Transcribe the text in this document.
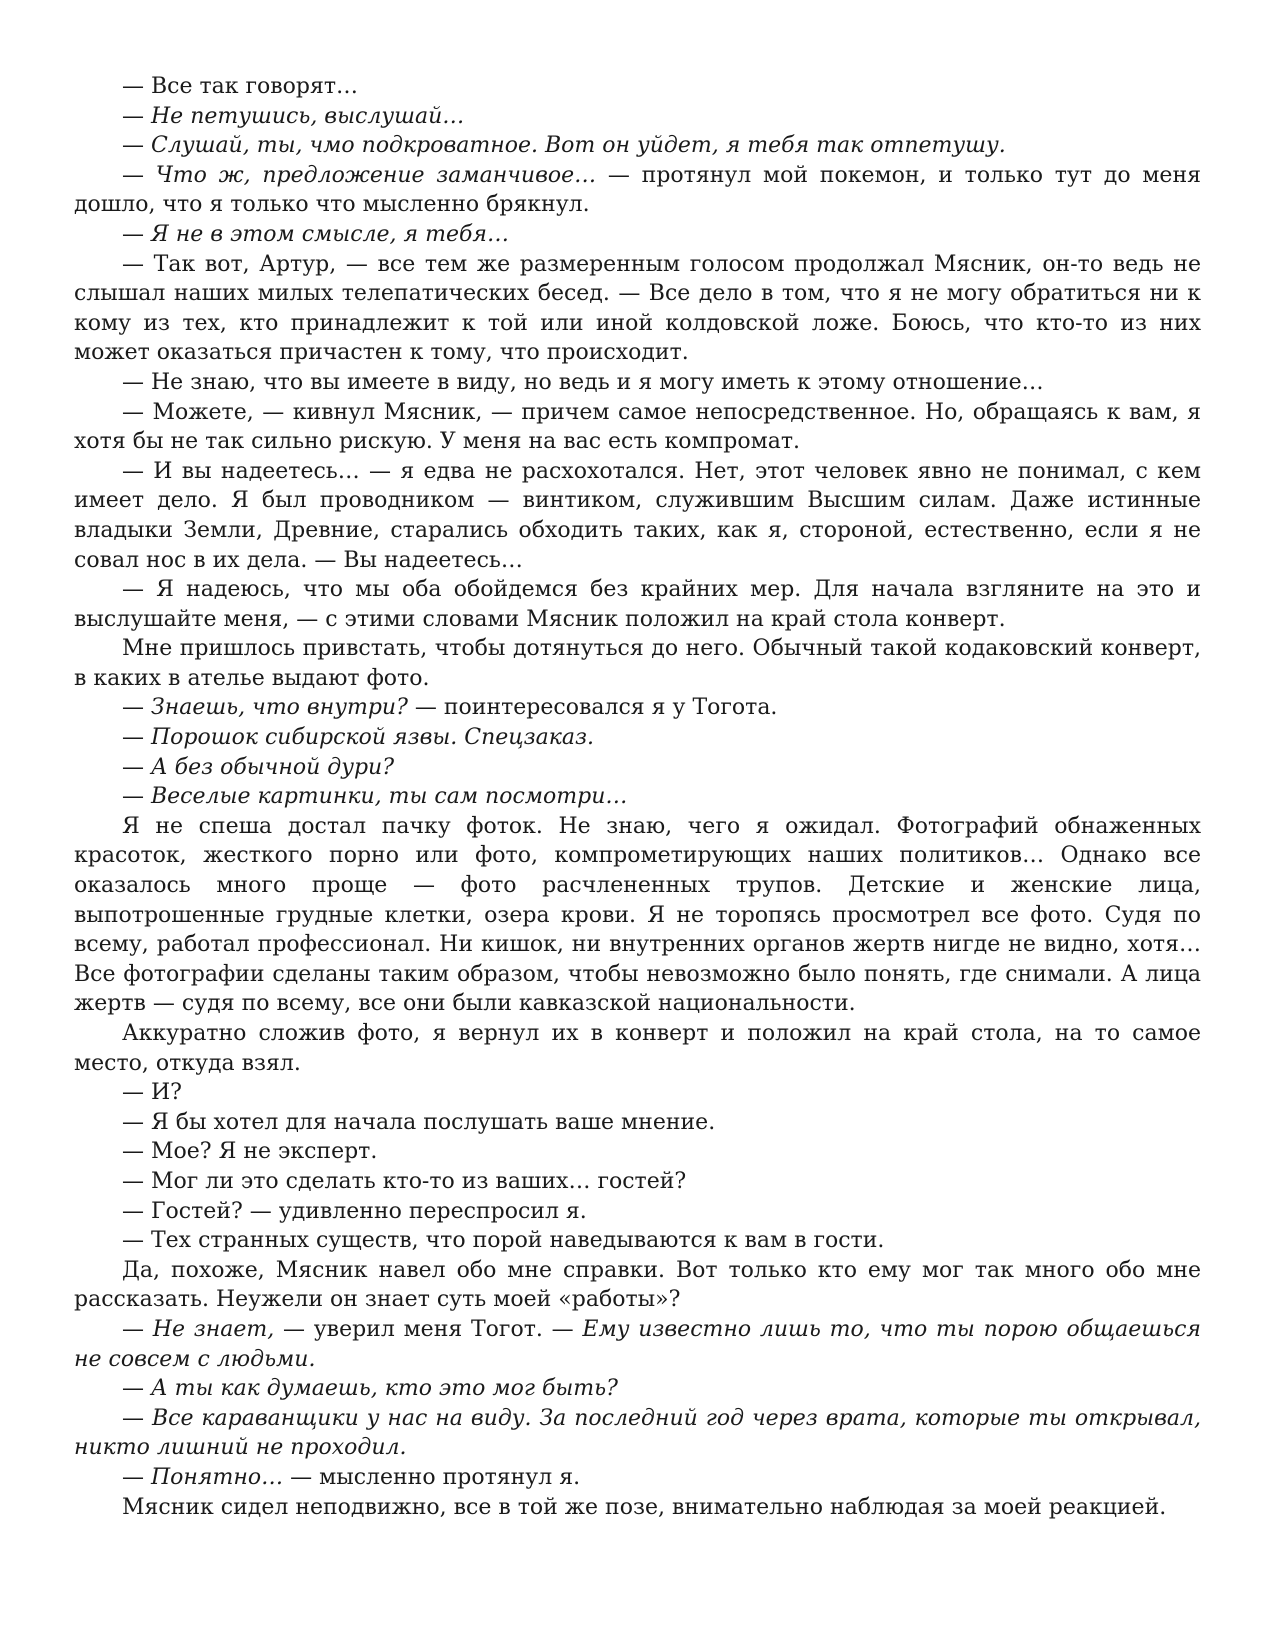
— Все так говорят…

— Не петушись, выслушай…

— Слушай, ты, чмо подкроватное. Вот он уйдет, я тебя так отпетушу.

— Что ж, предложение заманчивое… — протянул мой покемон, и только тут до меня дошло, что я только что мысленно брякнул.

— Я не в этом смысле, я тебя…

— Так вот, Артур, — все тем же размеренным голосом продолжал Мясник, он-то ведь не слышал наших милых телепатических бесед. — Все дело в том, что я не могу обратиться ни к кому из тех, кто принадлежит к той или иной колдовской ложе. Боюсь, что кто-то из них может оказаться причастен к тому, что происходит.

— Не знаю, что вы имеете в виду, но ведь и я могу иметь к этому отношение…

— Можете, — кивнул Мясник, — причем самое непосредственное. Но, обращаясь к вам, я хотя бы не так сильно рискую. У меня на вас есть компромат.

— И вы надеетесь… — я едва не расхохотался. Нет, этот человек явно не понимал, с кем имеет дело. Я был проводником — винтиком, служившим Высшим силам. Даже истинные владыки Земли, Древние, старались обходить таких, как я, стороной, естественно, если я не совал нос в их дела. — Вы надеетесь…

— Я надеюсь, что мы оба обойдемся без крайних мер. Для начала взгляните на это и выслушайте меня, — с этими словами Мясник положил на край стола конверт.

Мне пришлось привстать, чтобы дотянуться до него. Обычный такой кодаковский конверт, в каких в ателье выдают фото.

— Знаешь, что внутри? — поинтересовался я у Тогота.

— Порошок сибирской язвы. Спецзаказ.

— А без обычной дури?

— Веселые картинки, ты сам посмотри…

Я не спеша достал пачку фоток. Не знаю, чего я ожидал. Фотографий обнаженных красоток, жесткого порно или фото, компрометирующих наших политиков… Однако все оказалось много проще — фото расчлененных трупов. Детские и женские лица, выпотрошенные грудные клетки, озера крови. Я не торопясь просмотрел все фото. Судя по всему, работал профессионал. Ни кишок, ни внутренних органов жертв нигде не видно, хотя… Все фотографии сделаны таким образом, чтобы невозможно было понять, где снимали. А лица жертв — судя по всему, все они были кавказской национальности.

Аккуратно сложив фото, я вернул их в конверт и положил на край стола, на то самое место, откуда взял.

— И?

— Я бы хотел для начала послушать ваше мнение.

— Мое? Я не эксперт.

— Мог ли это сделать кто-то из ваших… гостей?

— Гостей? — удивленно переспросил я.

— Тех странных существ, что порой наведываются к вам в гости.

Да, похоже, Мясник навел обо мне справки. Вот только кто ему мог так много обо мне рассказать. Неужели он знает суть моей «работы»?

— Не знает, — уверил меня Тогот. — Ему известно лишь то, что ты порою общаешься не совсем с людьми.

— А ты как думаешь, кто это мог быть?

— Все караванщики у нас на виду. За последний год через врата, которые ты открывал, никто лишний не проходил.

— Понятно… — мысленно протянул я.

Мясник сидел неподвижно, все в той же позе, внимательно наблюдая за моей реакцией.
